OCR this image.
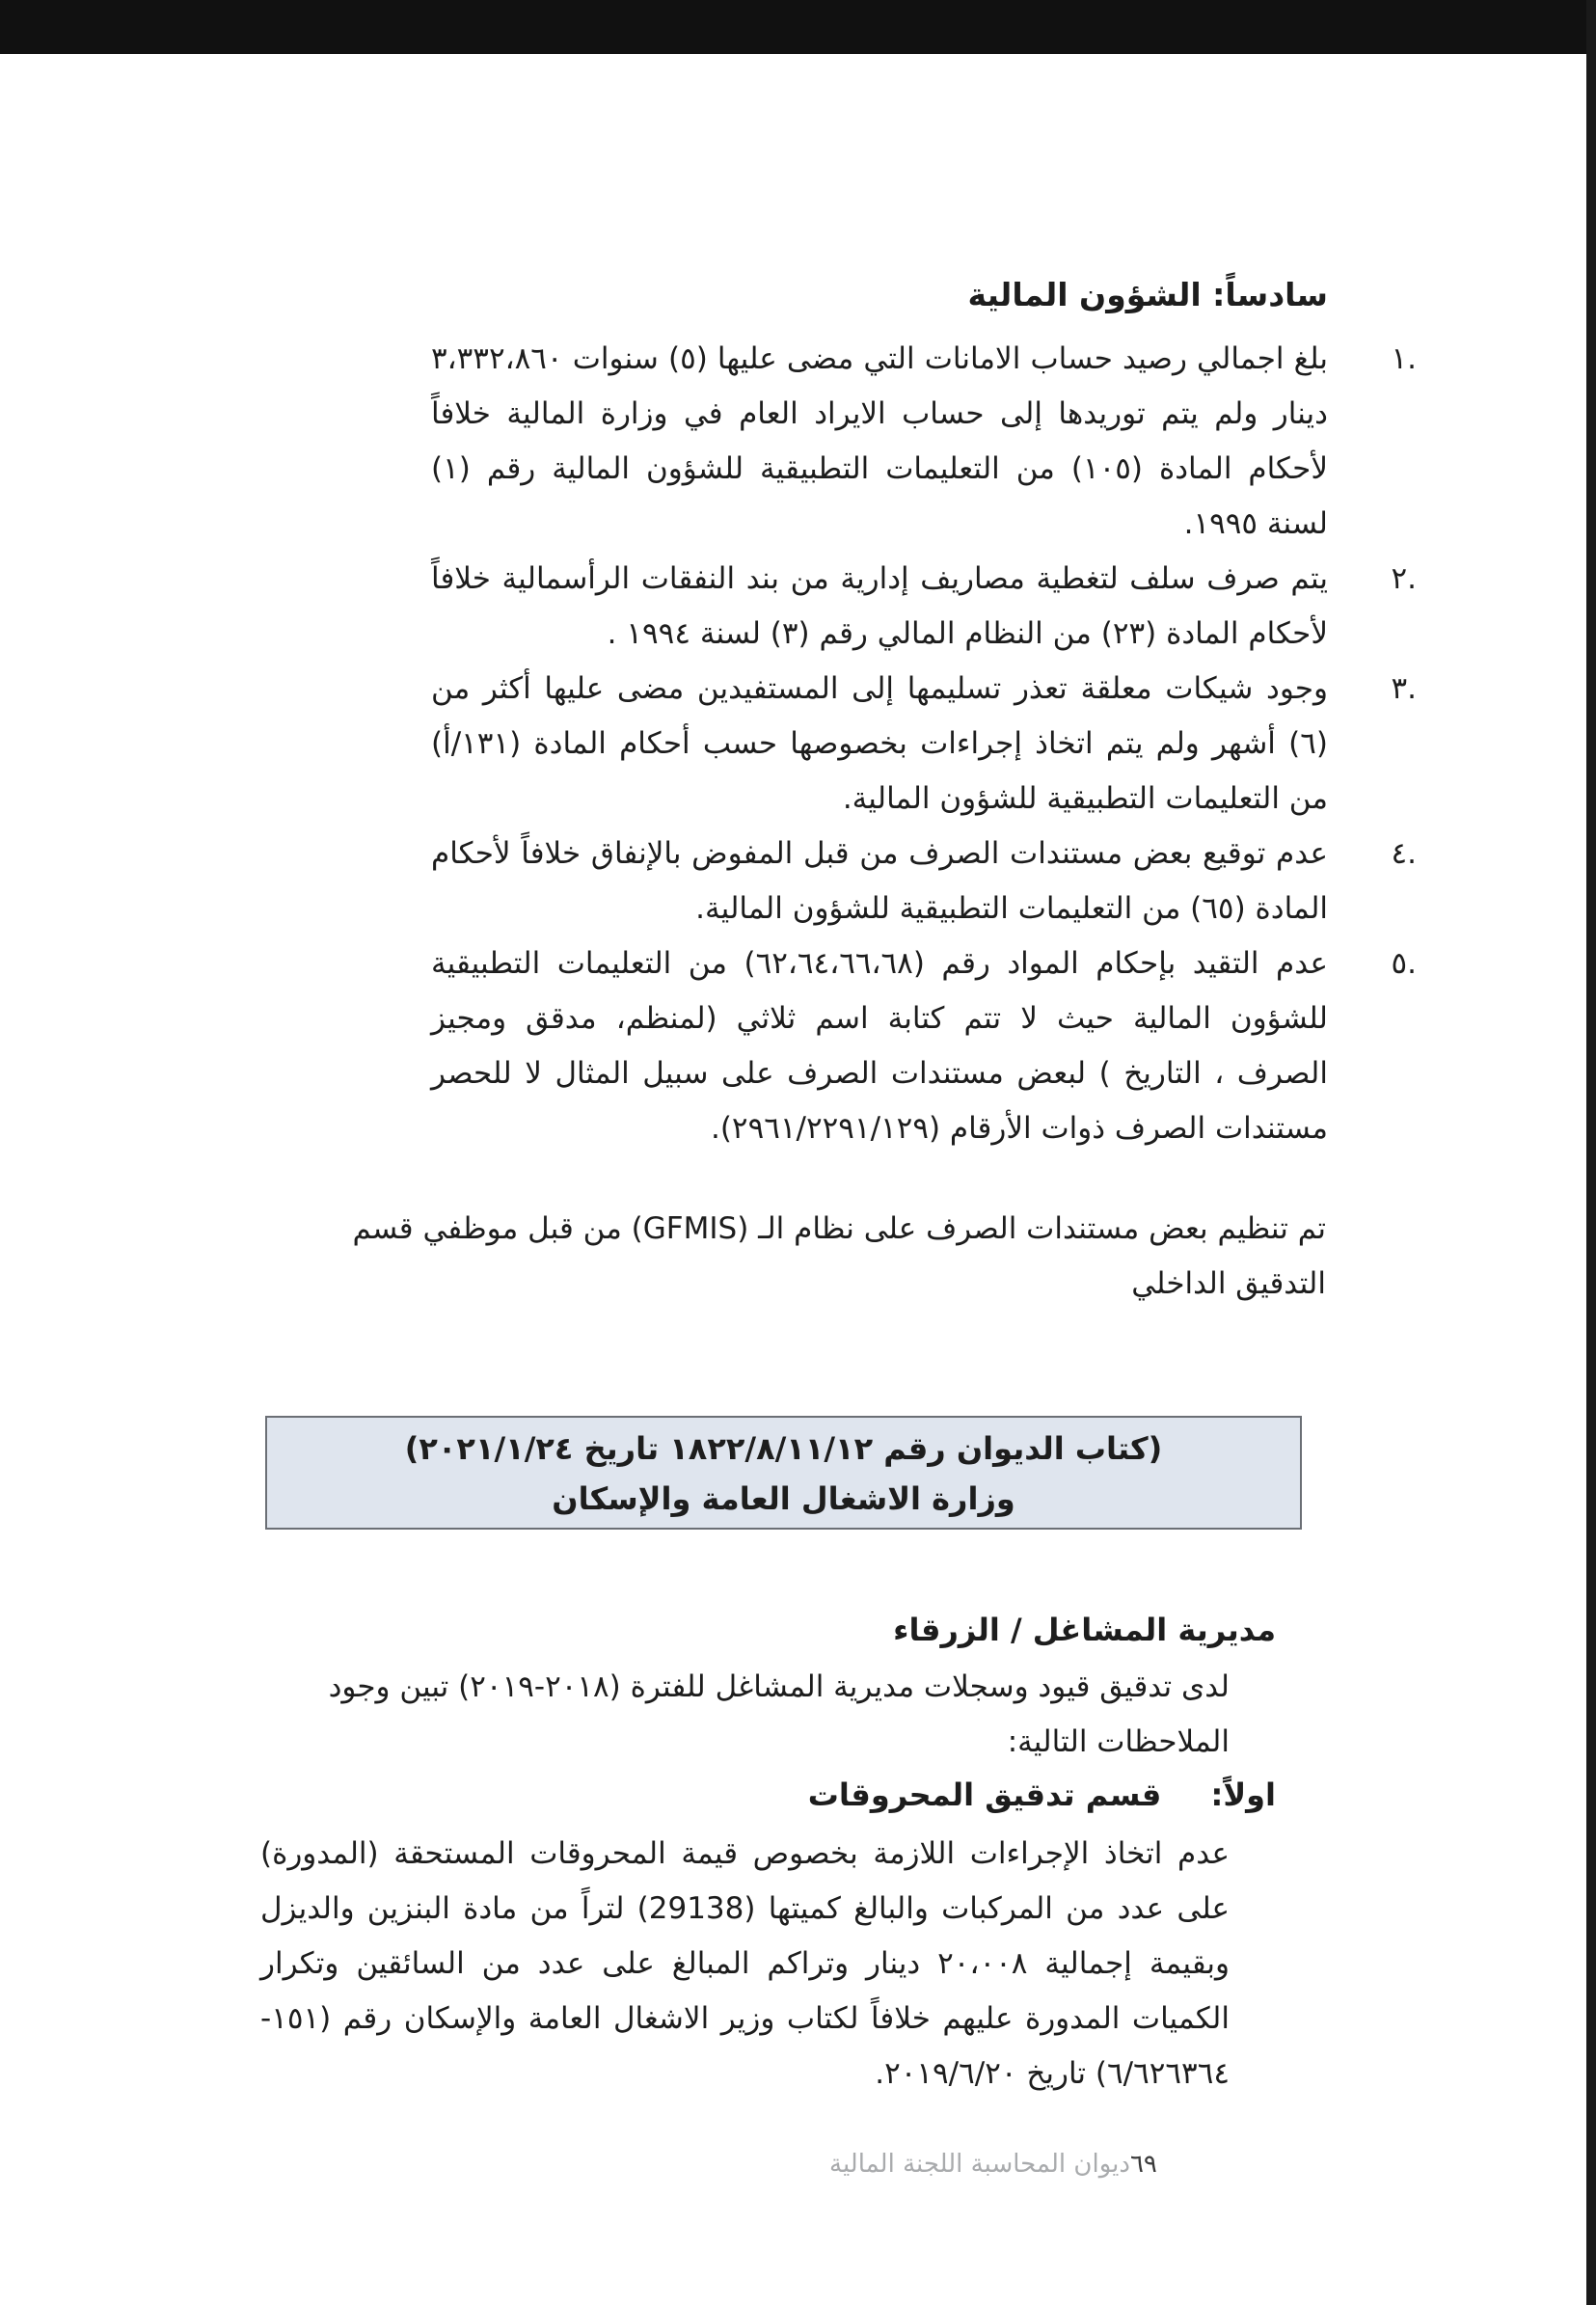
سادساً: الشؤون المالية
.١
بلغ اجمالي رصيد حساب الامانات التي مضى عليها (٥) سنوات ٣،٣٣٢،٨٦٠ دينار ولم يتم توريدها إلى حساب الايراد العام في وزارة المالية خلافاً لأحكام المادة (١٠٥) من التعليمات التطبيقية للشؤون المالية رقم (١) لسنة ١٩٩٥.
.٢
يتم صرف سلف لتغطية مصاريف إدارية من بند النفقات الرأسمالية خلافاً لأحكام المادة (٢٣) من النظام المالي رقم (٣) لسنة ١٩٩٤ .
.٣
وجود شيكات معلقة تعذر تسليمها إلى المستفيدين مضى عليها أكثر من (٦) أشهر ولم يتم اتخاذ إجراءات بخصوصها حسب أحكام المادة (١٣١/أ) من التعليمات التطبيقية للشؤون المالية.
.٤
عدم توقيع بعض مستندات الصرف من قبل المفوض بالإنفاق خلافاً لأحكام المادة (٦٥) من التعليمات التطبيقية للشؤون المالية.
.٥
عدم التقيد بإحكام المواد رقم (٦٢،٦٤،٦٦،٦٨) من التعليمات التطبيقية للشؤون المالية حيث لا تتم كتابة اسم ثلاثي (لمنظم، مدقق ومجيز الصرف ، التاريخ ) لبعض مستندات الصرف على سبيل المثال لا للحصر مستندات الصرف ذوات الأرقام (٢٩٦١/٢٢٩١/١٢٩).
تم تنظيم بعض مستندات الصرف على نظام الـ (GFMIS) من قبل موظفي قسم التدقيق الداخلي
(كتاب الديوان رقم ١٨٢٢/٨/١١/١٢ تاريخ ٢٠٢١/١/٢٤)
وزارة الاشغال العامة والإسكان
مديرية المشاغل / الزرقاء
لدى تدقيق قيود وسجلات مديرية المشاغل للفترة (٢٠١٨-٢٠١٩) تبين وجود الملاحظات التالية:
اولاً: قسم تدقيق المحروقات
عدم اتخاذ الإجراءات اللازمة بخصوص قيمة المحروقات المستحقة (المدورة) على عدد من المركبات والبالغ كميتها (29138) لتراً من مادة البنزين والديزل وبقيمة إجمالية ٢٠،٠٠٨ دينار وتراكم المبالغ على عدد من السائقين وتكرار الكميات المدورة عليهم خلافاً لكتاب وزير الاشغال العامة والإسكان رقم (١٥١- ٦/٦٢٦٣٦٤) تاريخ ٢٠١٩/٦/٢٠.
٦٩ديوان المحاسبة اللجنة المالية
